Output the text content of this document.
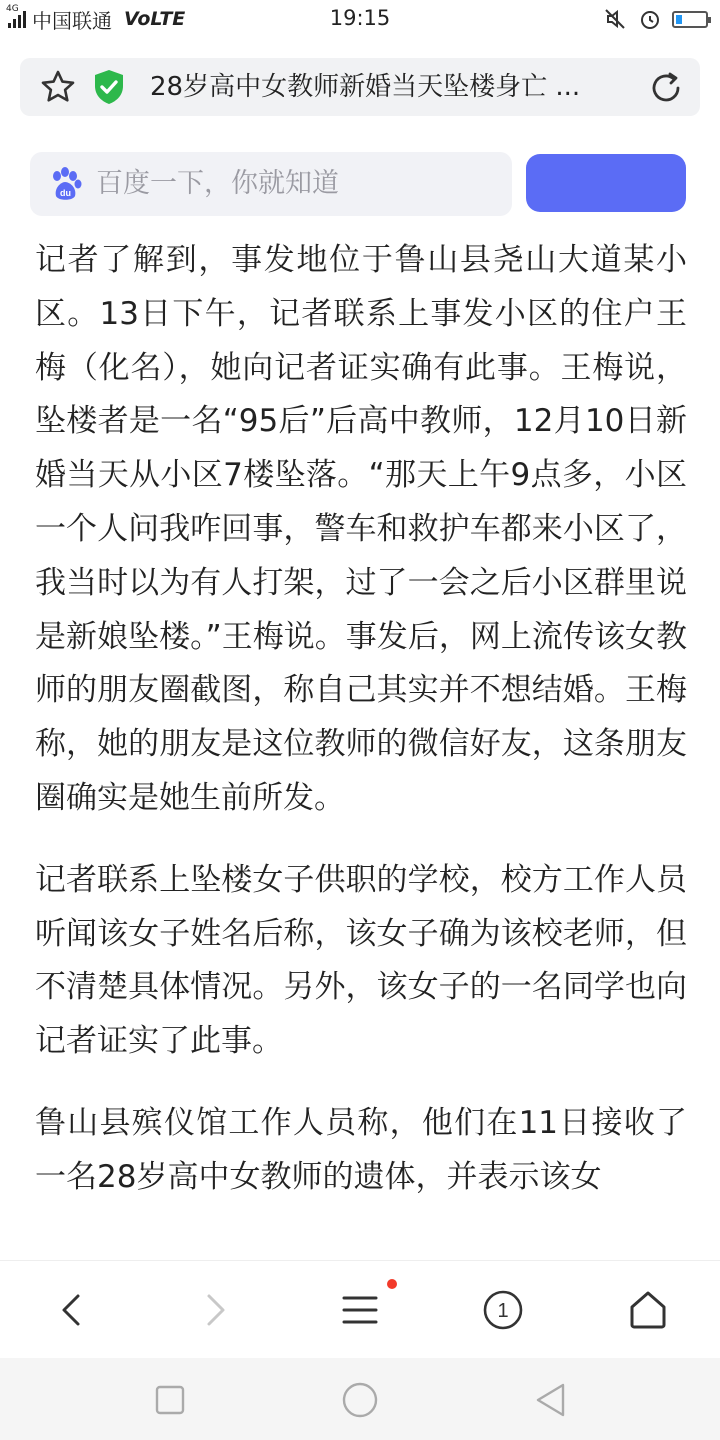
4G 中国联通 VoLTE	19:15
28岁高中女教师新婚当天坠楼身亡 ...
du 百度一下，你就知道

记者了解到，事发地位于鲁山县尧山大道某小区。13日下午，记者联系上事发小区的住户王梅（化名），她向记者证实确有此事。王梅说，坠楼者是一名“95后”后高中教师，12月10日新婚当天从小区7楼坠落。“那天上午9点多，小区一个人问我咋回事，警车和救护车都来小区了，我当时以为有人打架，过了一会之后小区群里说是新娘坠楼。”王梅说。事发后，网上流传该女教师的朋友圈截图，称自己其实并不想结婚。王梅称，她的朋友是这位教师的微信好友，这条朋友圈确实是她生前所发。

记者联系上坠楼女子供职的学校，校方工作人员听闻该女子姓名后称，该女子确为该校老师，但不清楚具体情况。另外，该女子的一名同学也向记者证实了此事。

鲁山县殡仪馆工作人员称，他们在11日接收了一名28岁高中女教师的遗体，并表示该女

1
